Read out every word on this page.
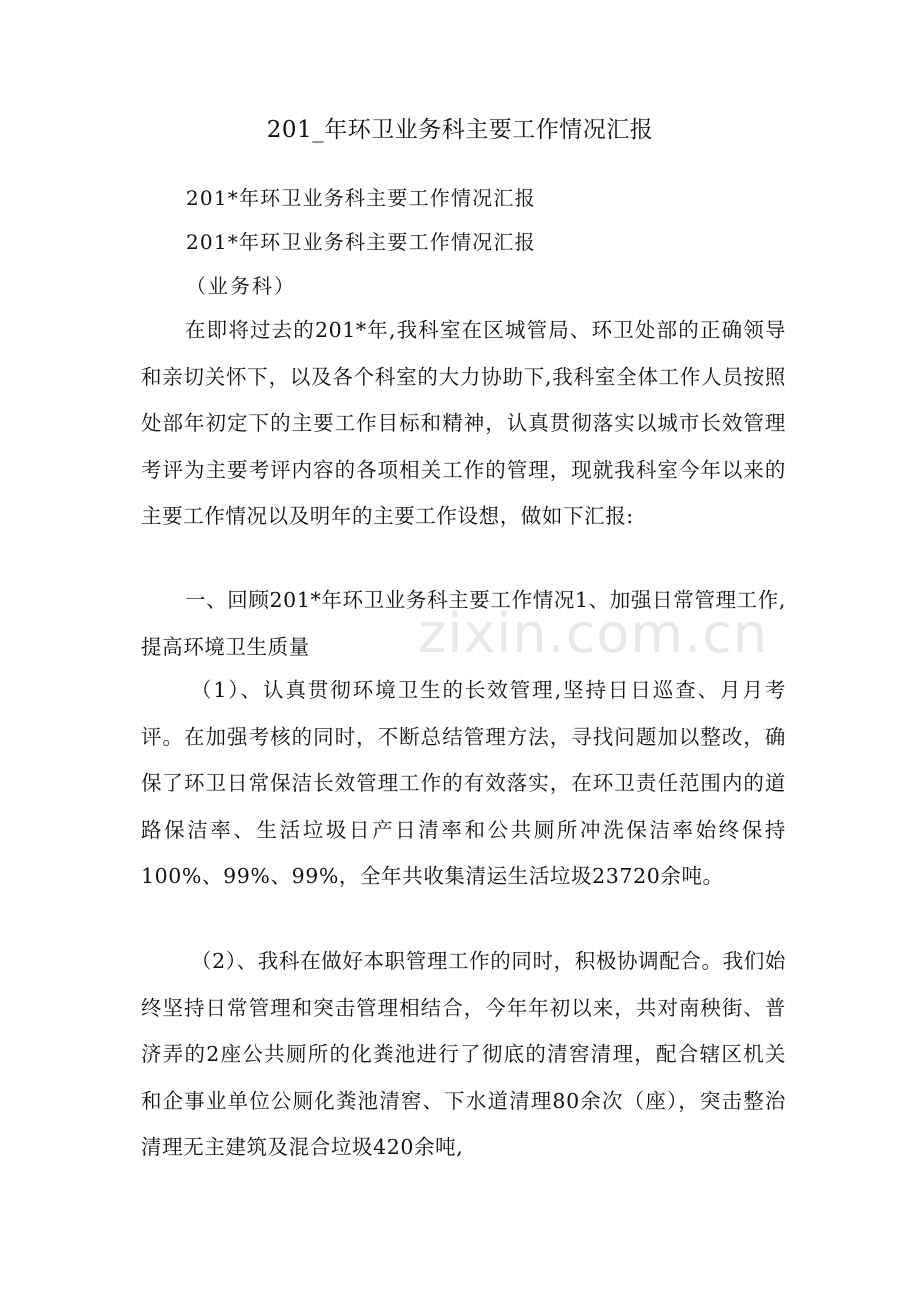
201_年环卫业务科主要工作情况汇报
201*年环卫业务科主要工作情况汇报
201*年环卫业务科主要工作情况汇报
（业务科）
在即将过去的201*年,我科室在区城管局、环卫处部的正确领导和亲切关怀下，以及各个科室的大力协助下,我科室全体工作人员按照处部年初定下的主要工作目标和精神，认真贯彻落实以城市长效管理考评为主要考评内容的各项相关工作的管理，现就我科室今年以来的主要工作情况以及明年的主要工作设想，做如下汇报:
一、回顾201*年环卫业务科主要工作情况1、加强日常管理工作,提高环境卫生质量
（1）、认真贯彻环境卫生的长效管理,坚持日日巡查、月月考评。在加强考核的同时，不断总结管理方法，寻找问题加以整改，确保了环卫日常保洁长效管理工作的有效落实，在环卫责任范围内的道路保洁率、生活垃圾日产日清率和公共厕所冲洗保洁率始终保持100%、99%、99%，全年共收集清运生活垃圾23720余吨。
（2）、我科在做好本职管理工作的同时，积极协调配合。我们始终坚持日常管理和突击管理相结合，今年年初以来，共对南秧街、普济弄的2座公共厕所的化粪池进行了彻底的清窖清理，配合辖区机关和企事业单位公厕化粪池清窖、下水道清理80余次（座），突击整治清理无主建筑及混合垃圾420余吨,
zixin.com.cn
